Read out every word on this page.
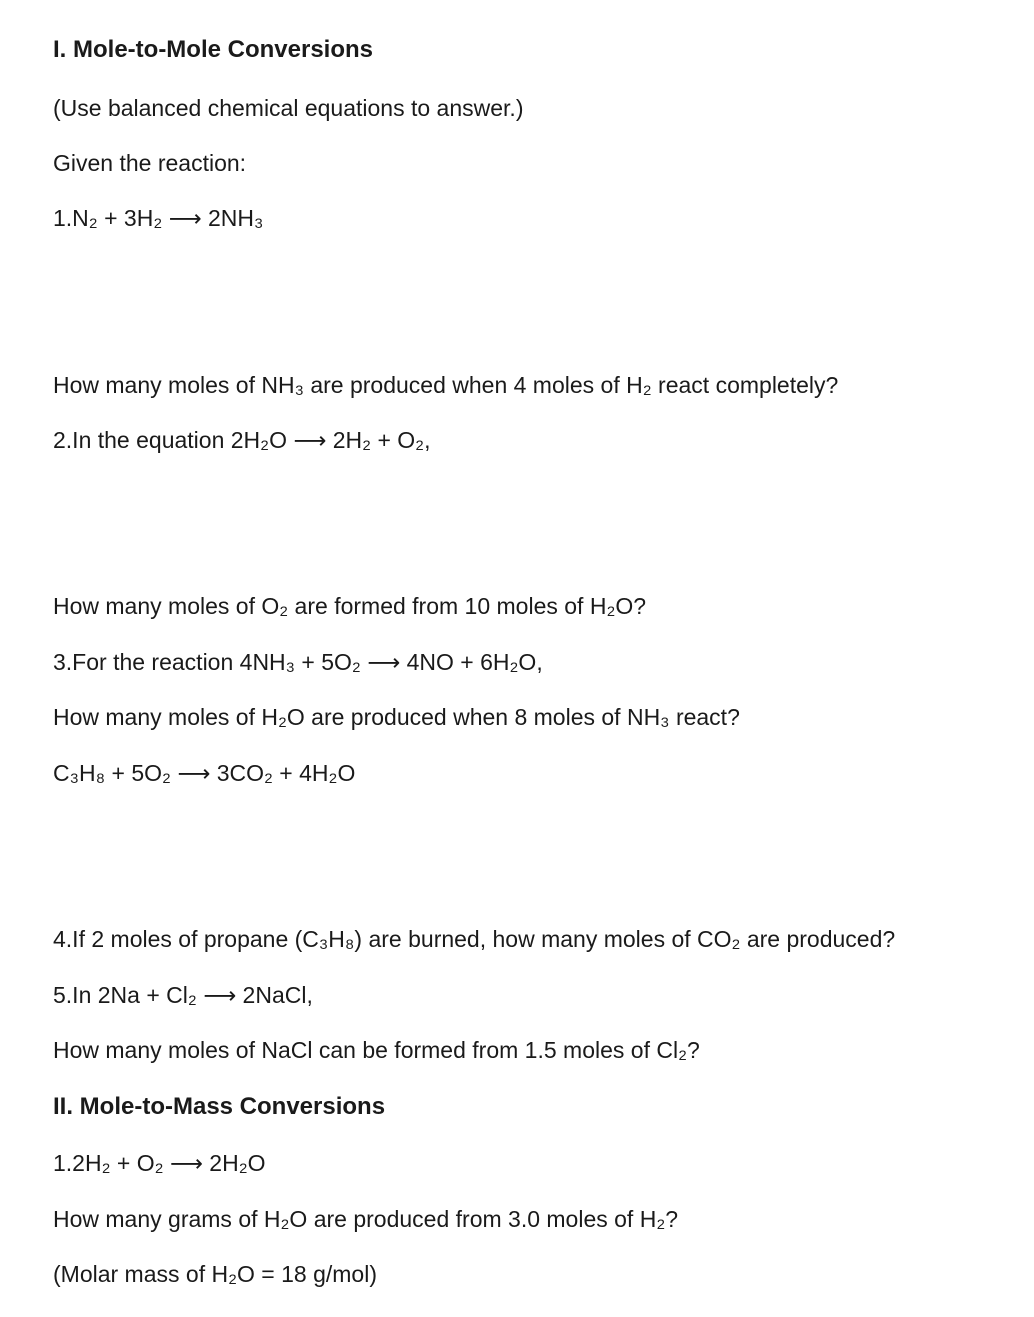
I. Mole-to-Mole Conversions
(Use balanced chemical equations to answer.)
Given the reaction:
1.N₂ + 3H₂ ⟶ 2NH₃
How many moles of NH₃ are produced when 4 moles of H₂ react completely?
2.In the equation 2H₂O ⟶ 2H₂ + O₂,
How many moles of O₂ are formed from 10 moles of H₂O?
3.For the reaction 4NH₃ + 5O₂ ⟶ 4NO + 6H₂O,
How many moles of H₂O are produced when 8 moles of NH₃ react?
C₃H₈ + 5O₂ ⟶ 3CO₂ + 4H₂O
4.If 2 moles of propane (C₃H₈) are burned, how many moles of CO₂ are produced?
5.In 2Na + Cl₂ ⟶ 2NaCl,
How many moles of NaCl can be formed from 1.5 moles of Cl₂?
II. Mole-to-Mass Conversions
1.2H₂ + O₂ ⟶ 2H₂O
How many grams of H₂O are produced from 3.0 moles of H₂?
(Molar mass of H₂O = 18 g/mol)
